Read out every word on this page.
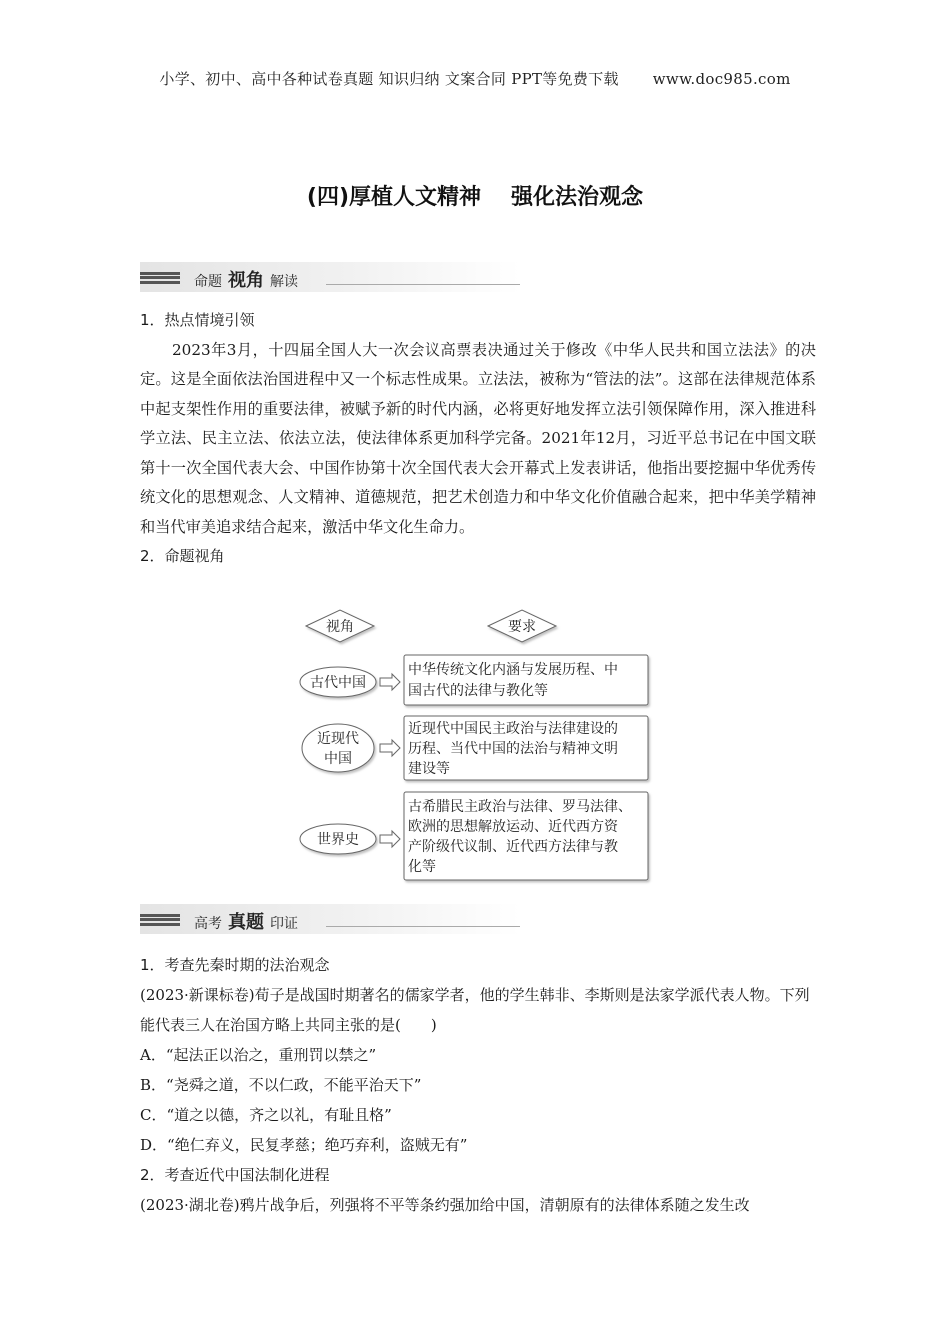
小学、初中、高中各种试卷真题 知识归纳 文案合同 PPT等免费下载 www.doc985.com
(四)厚植人文精神 强化法治观念
命题 视角 解读

1．热点情境引领

2023年3月，十四届全国人大一次会议高票表决通过关于修改《中华人民共和国立法法》的决定。这是全面依法治国进程中又一个标志性成果。立法法，被称为“管法的法”。这部在法律规范体系中起支架性作用的重要法律，被赋予新的时代内涵，必将更好地发挥立法引领保障作用，深入推进科学立法、民主立法、依法立法，使法律体系更加科学完备。2021年12月，习近平总书记在中国文联第十一次全国代表大会、中国作协第十次全国代表大会开幕式上发表讲话，他指出要挖掘中华优秀传统文化的思想观念、人文精神、道德规范，把艺术创造力和中华文化价值融合起来，把中华美学精神和当代审美追求结合起来，激活中华文化生命力。

2．命题视角

视角	要求
古代中国
中华传统文化内涵与发展历程、中
国古代的法律与教化等
近现代
中国
近现代中国民主政治与法律建设的
历程、当代中国的法治与精神文明
建设等
世界史
古希腊民主政治与法律、罗马法律、
欧洲的思想解放运动、近代西方资
产阶级代议制、近代西方法律与教
化等
高考 真题 印证

1．考查先秦时期的法治观念

(2023·新课标卷)荀子是战国时期著名的儒家学者，他的学生韩非、李斯则是法家学派代表人物。下列能代表三人在治国方略上共同主张的是(　　)

A．“起法正以治之，重刑罚以禁之”

B．“尧舜之道，不以仁政，不能平治天下”

C．“道之以德，齐之以礼，有耻且格”

D．“绝仁弃义，民复孝慈；绝巧弃利，盗贼无有”

2．考查近代中国法制化进程

(2023·湖北卷)鸦片战争后，列强将不平等条约强加给中国，清朝原有的法律体系随之发生改
